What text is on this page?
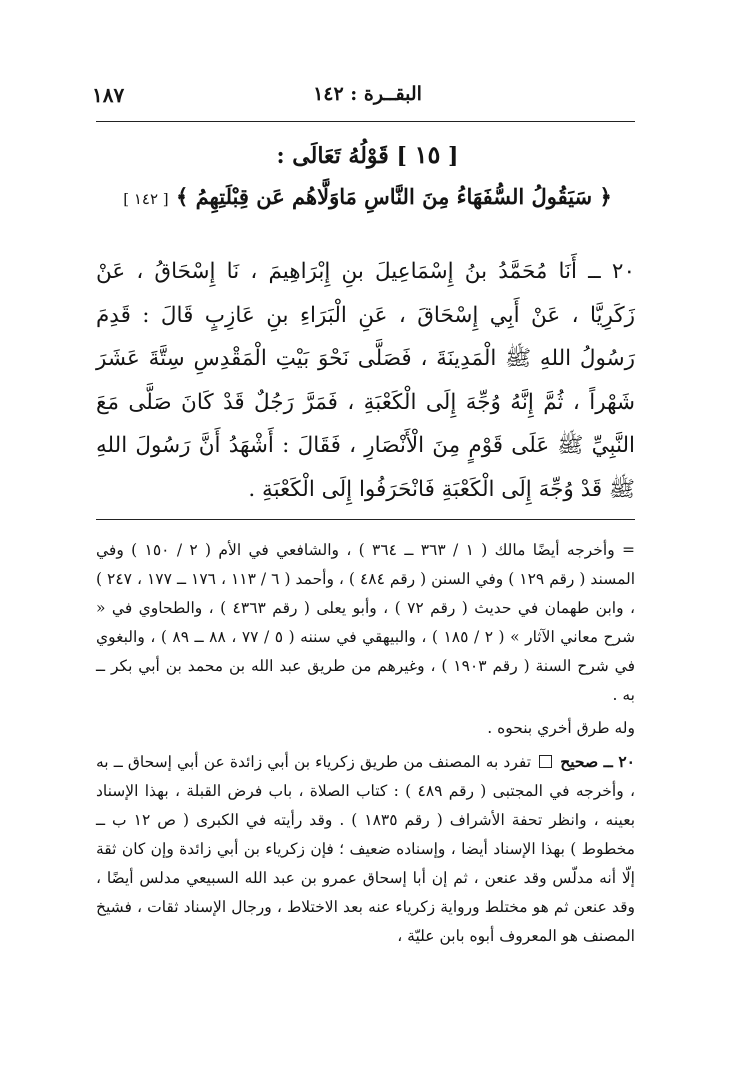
١٨٧	البقــرة : ١٤٢
[ ١٥ ] قَوْلُهُ تَعَالَى :
﴿ سَيَقُولُ السُّفَهَاءُ مِنَ النَّاسِ مَاوَلَّاهُم عَن قِبْلَتِهِمُ ﴾ [ ١٤٢ ]

٢٠ ــ أَنَا مُحَمَّدُ بنُ إِسْمَاعِيلَ بنِ إِبْرَاهِيمَ ، نَا إِسْحَاقُ ، عَنْ زَكَرِيَّا ، عَنْ أَبِي إِسْحَاقَ ، عَنِ الْبَرَاءِ بنِ عَازِبٍ قَالَ : قَدِمَ رَسُولُ اللهِ ﷺ الْمَدِينَةَ ، فَصَلَّى نَحْوَ بَيْتِ الْمَقْدِسِ سِتَّةَ عَشَرَ شَهْراً ، ثُمَّ إِنَّهُ وُجِّهَ إِلَى الْكَعْبَةِ ، فَمَرَّ رَجُلٌ قَدْ كَانَ صَلَّى مَعَ النَّبِيِّ ﷺ عَلَى قَوْمٍ مِنَ الْأَنْصَارِ ، فَقَالَ : أَشْهَدُ أَنَّ رَسُولَ اللهِ ﷺ قَدْ وُجِّهَ إِلَى الْكَعْبَةِ فَانْحَرَفُوا إِلَى الْكَعْبَةِ .

= وأخرجه أيضًا مالك ( ١ / ٣٦٣ ــ ٣٦٤ ) ، والشافعي في الأم ( ٢ / ١٥٠ ) وفي المسند ( رقم ١٢٩ ) وفي السنن ( رقم ٤٨٤ ) ، وأحمد ( ٦ / ١١٣ ، ١٧٦ ــ ١٧٧ ، ٢٤٧ ) ، وابن طهمان في حديث ( رقم ٧٢ ) ، وأبو يعلى ( رقم ٤٣٦٣ ) ، والطحاوي في « شرح معاني الآثار » ( ٢ / ١٨٥ ) ، والبيهقي في سننه ( ٥ / ٧٧ ، ٨٨ ــ ٨٩ ) ، والبغوي في شرح السنة ( رقم ١٩٠٣ ) ، وغيرهم من طريق عبد الله بن محمد بن أبي بكر ــ به .

وله طرق أخري بنحوه .

٢٠ ــ صحيح  تفرد به المصنف من طريق زكرياء بن أبي زائدة عن أبي إسحاق ــ به ، وأخرجه في المجتبى ( رقم ٤٨٩ ) : كتاب الصلاة ، باب فرض القبلة ، بهذا الإسناد بعينه ، وانظر تحفة الأشراف ( رقم ١٨٣٥ ) . وقد رأيته في الكبرى ( ص ١٢ ب ــ مخطوط ) بهذا الإسناد أيضا ، وإسناده ضعيف ؛ فإن زكرياء بن أبي زائدة وإن كان ثقة إلّا أنه مدلّس وقد عنعن ، ثم إن أبا إسحاق عمرو بن عبد الله السبيعي مدلس أيضًا ، وقد عنعن ثم هو مختلط ورواية زكرياء عنه بعد الاختلاط ، ورجال الإسناد ثقات ، فشيخ المصنف هو المعروف أبوه بابن عليّة ،
